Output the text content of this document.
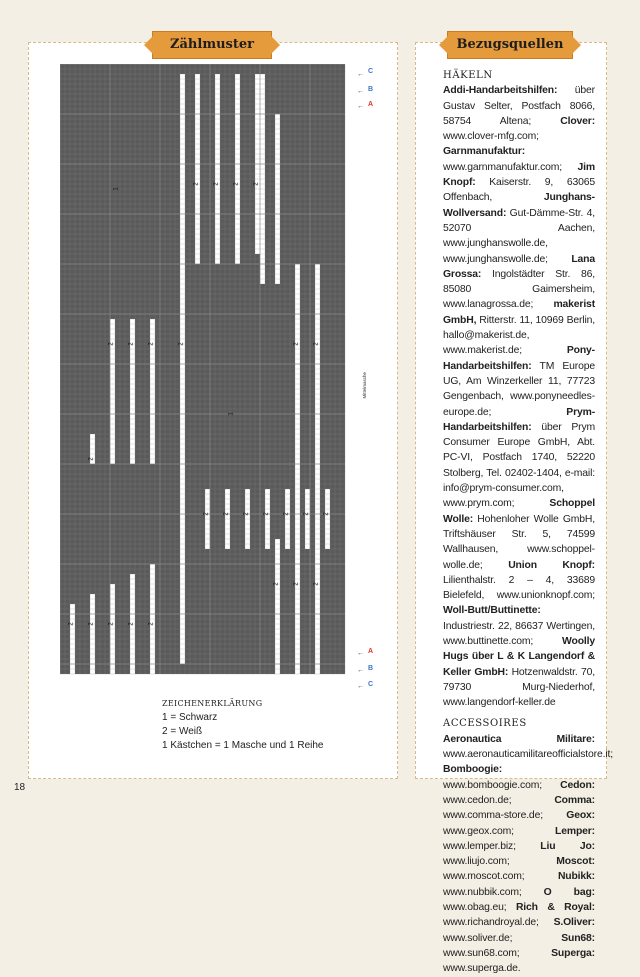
Zählmuster	Bezugsquellen
1
2 2 2 2
1
2 2 2	2 2
2 2 2 2 2 2 2
2 2 2 2 2
2 2 2
2
2
C
B
A
A
B
C
←
←
←
←
←
←
Mittelmasche
ZEICHENERKLÄRUNG
1 = Schwarz
2 = Weiß
1 Kästchen = 1 Masche und 1 Reihe
18
HÄKELN
Addi-Handarbeitshilfen: über Gustav Selter, Postfach 8066, 58754 Altena; Clover: www.clover-mfg.com; Garnmanufaktur: www.garnmanufaktur.com; Jim Knopf: Kaiserstr. 9, 63065 Offenbach, Junghans-Wollversand: Gut-Dämme-Str. 4, 52070 Aachen, www.junghanswolle.de, www.junghanswolle.de; Lana Grossa: Ingolstädter Str. 86, 85080 Gaimersheim, www.lanagrossa.de; makerist GmbH, Ritterstr. 11, 10969 Berlin, hallo@makerist.de, www.makerist.de; Pony-Handarbeitshilfen: TM Europe UG, Am Winzerkeller 11, 77723 Gengenbach, www.ponyneedles-europe.de; Prym-Handarbeitshilfen: über Prym Consumer Europe GmbH, Abt. PC-VI, Postfach 1740, 52220 Stolberg, Tel. 02402-1404, e-mail: info@prym-consumer.com, www.prym.com; Schoppel Wolle: Hohenloher Wolle GmbH, Triftshäuser Str. 5, 74599 Wallhausen, www.schoppel-wolle.de; Union Knopf: Lilienthalstr. 2 – 4, 33689 Bielefeld, www.unionknopf.com; Woll-Butt/Buttinette: Industriestr. 22, 86637 Wertingen, www.buttinette.com; Woolly Hugs über L & K Langendorf & Keller GmbH: Hotzenwaldstr. 70, 79730 Murg-Niederhof, www.langendorf-keller.de
ACCESSOIRES
Aeronautica Militare: www.aeronauticamilitareofficialstore.it; Bomboogie: www.bomboogie.com; Cedon: www.cedon.de; Comma: www.comma-store.de; Geox: www.geox.com; Lemper: www.lemper.biz; Liu Jo: www.liujo.com; Moscot: www.moscot.com; Nubikk: www.nubbik.com; O bag: www.obag.eu; Rich & Royal: www.richandroyal.de; S.Oliver: www.soliver.de; Sun68: www.sun68.com; Superga: www.superga.de.
